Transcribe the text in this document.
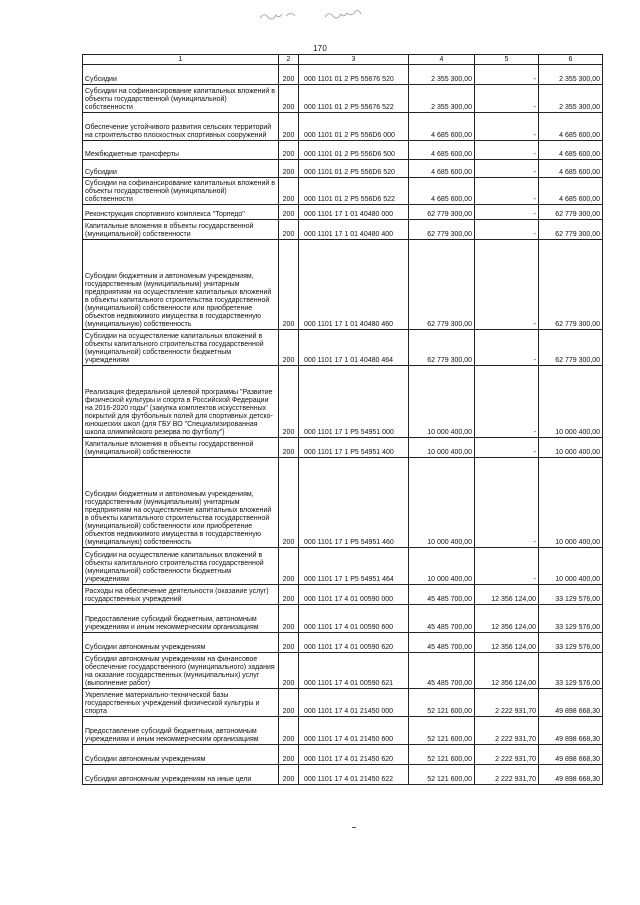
170
1	2	3	4	5	6
Субсидии	200	000 1101 01 2 P5 55676 520	2 355 300,00	-	2 355 300,00
Субсидии на софинансирование капитальных вложений в объекты государственной (муниципальной) собственности	200	000 1101 01 2 P5 55676 522	2 355 300,00	-	2 355 300,00
Обеспечение устойчивого развития сельских территорий на строительство плоскостных спортивных сооружений	200	000 1101 01 2 P5 556D6 000	4 685 600,00	-	4 685 600,00
Межбюджетные трансферты	200	000 1101 01 2 P5 556D6 500	4 685 600,00	-	4 685 600,00
Субсидии	200	000 1101 01 2 P5 556D6 520	4 685 600,00	-	4 685 600,00
Субсидии на софинансирование капитальных вложений в объекты государственной (муниципальной) собственности	200	000 1101 01 2 P5 556D6 522	4 685 600,00	-	4 685 600,00
Реконструкция спортивного комплекса "Торпедо"	200	000 1101 17 1 01 40480 000	62 779 300,00	-	62 779 300,00
Капитальные вложения в объекты государственной (муниципальной) собственности	200	000 1101 17 1 01 40480 400	62 779 300,00	-	62 779 300,00
Субсидии бюджетным и автономным учреждениям, государственным (муниципальным) унитарным предприятиям на осуществление капитальных вложений в объекты капитального строительства государственной (муниципальной) собственности или приобретение объектов недвижимого имущества в государственную (муниципальную) собственность	200	000 1101 17 1 01 40480 460	62 779 300,00	-	62 779 300,00
Субсидии на осуществление капитальных вложений в объекты капитального строительства государственной (муниципальной) собственности бюджетным учреждениям	200	000 1101 17 1 01 40480 464	62 779 300,00	-	62 779 300,00
Реализация федеральной целевой программы "Развитие физической культуры и спорта в Российской Федерации на 2016-2020 годы" (закупка комплектов искусственных покрытий для футбольных полей для спортивных детско-юношеских школ (для ГБУ ВО "Специализированная школа олимпийского резерва по футболу")	200	000 1101 17 1 P5 54951 000	10 000 400,00	-	10 000 400,00
Капитальные вложения в объекты государственной (муниципальной) собственности	200	000 1101 17 1 P5 54951 400	10 000 400,00	-	10 000 400,00
Субсидии бюджетным и автономным учреждениям, государственным (муниципальным) унитарным предприятиям на осуществление капитальных вложений в объекты капитального строительства государственной (муниципальной) собственности или приобретение объектов недвижимого имущества в государственную (муниципальную) собственность	200	000 1101 17 1 P5 54951 460	10 000 400,00	-	10 000 400,00
Субсидии на осуществление капитальных вложений в объекты капитального строительства государственной (муниципальной) собственности бюджетным учреждениям	200	000 1101 17 1 P5 54951 464	10 000 400,00	-	10 000 400,00
Расходы на обеспечение деятельности (оказание услуг) государственных учреждений	200	000 1101 17 4 01 00590 000	45 485 700,00	12 356 124,00	33 129 576,00
Предоставление субсидий бюджетным, автономным учреждениям и иным некоммерческим организациям	200	000 1101 17 4 01 00590 600	45 485 700,00	12 356 124,00	33 129 576,00
Субсидии автономным учреждениям	200	000 1101 17 4 01 00590 620	45 485 700,00	12 356 124,00	33 129 576,00
Субсидии автономным учреждениям на финансовое обеспечение государственного (муниципального) задания на оказание государственных (муниципальных) услуг (выполнение работ)	200	000 1101 17 4 01 00590 621	45 485 700,00	12 356 124,00	33 129 576,00
Укрепление материально-технической базы государственных учреждений физической культуры и спорта	200	000 1101 17 4 01 21450 000	52 121 600,00	2 222 931,70	49 898 668,30
Предоставление субсидий бюджетным, автономным учреждениям и иным некоммерческим организациям	200	000 1101 17 4 01 21450 600	52 121 600,00	2 222 931,70	49 898 668,30
Субсидии автономным учреждениям	200	000 1101 17 4 01 21450 620	52 121 600,00	2 222 931,70	49 898 668,30
Субсидии автономным учреждениям на иные цели	200	000 1101 17 4 01 21450 622	52 121 600,00	2 222 931,70	49 898 668,30
